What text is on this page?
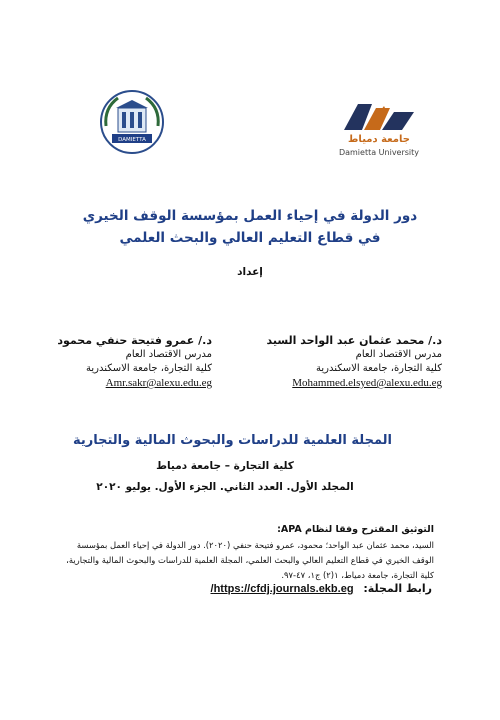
DAMIETTA	جامعة دمياط
Damietta University
دور الدولة في إحياء العمل بمؤسسة الوقف الخيري
في قطاع التعليم العالي والبحث العلمي
إعداد
د./ محمد عثمان عبد الواحد السيد
مدرس الاقتصاد العام
كلية التجارة، جامعة الاسكندرية
Mohammed.elsyed@alexu.edu.eg
د./ عمرو فتيحة حنفي محمود
مدرس الاقتصاد العام
كلية التجارة، جامعة الاسكندرية
Amr.sakr@alexu.edu.eg
المجلة العلمية للدراسات والبحوث المالية والتجارية
كلية التجارة – جامعة دمياط
المجلد الأول. العدد الثاني. الجزء الأول. يوليو ٢٠٢٠
التوثيق المقترح وفقا لنظام APA:
السيد، محمد عثمان عبد الواحد؛ محمود، عمرو فتيحة حنفي (٢٠٢٠). دور الدولة في إحياء العمل بمؤسسة الوقف الخيري في قطاع التعليم العالي والبحث العلمي، المجلة العلمية للدراسات والبحوث المالية والتجارية، كلية التجارة، جامعة دمياط، ١(٢) ج١، ٤٧-٩٧.
رابط المجلة: https://cfdj.journals.ekb.eg/
